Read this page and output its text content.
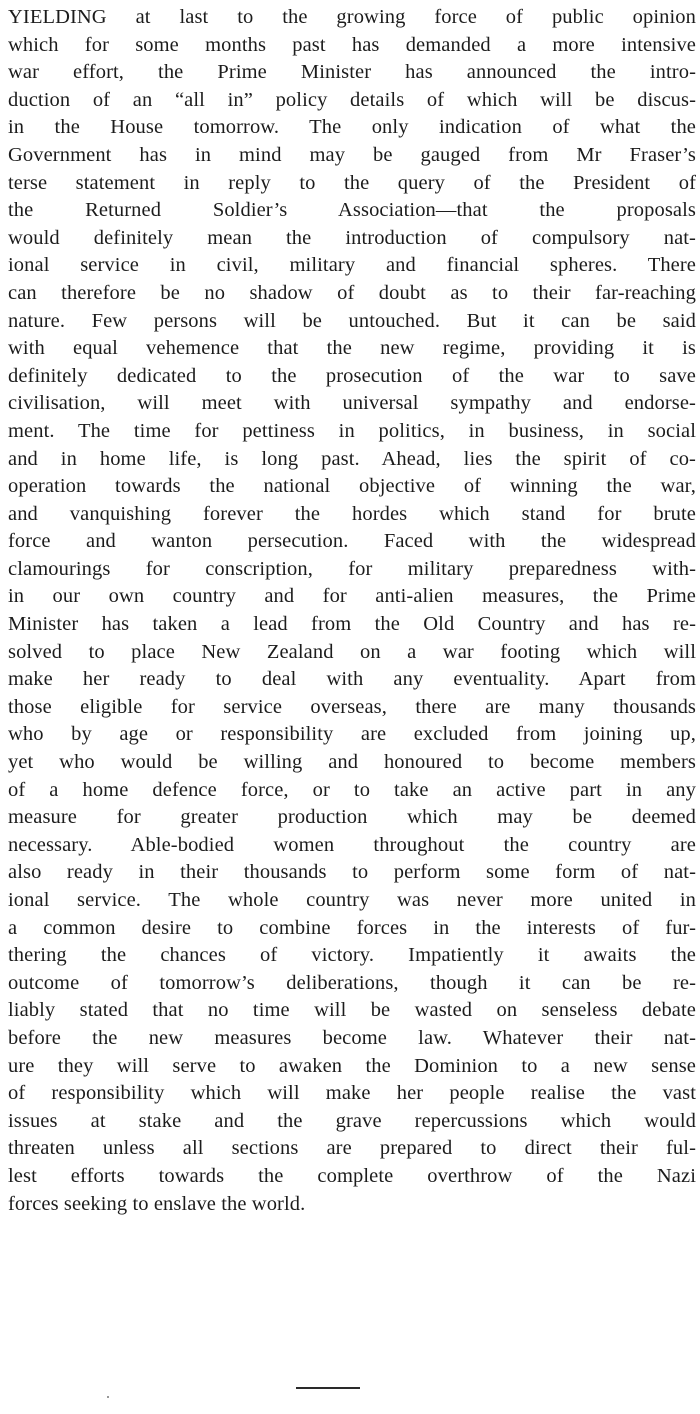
YIELDING at last to the growing force of public opinion
which for some months past has demanded a more intensive
war effort, the Prime Minister has announced the intro-
duction of an “all in” policy details of which will be discus-
in the House tomorrow. The only indication of what the
Government has in mind may be gauged from Mr Fraser’s
terse statement in reply to the query of the President of
the Returned Soldier’s Association—that the proposals
would definitely mean the introduction of compulsory nat-
ional service in civil, military and financial spheres. There
can therefore be no shadow of doubt as to their far-reaching
nature. Few persons will be untouched. But it can be said
with equal vehemence that the new regime, providing it is
definitely dedicated to the prosecution of the war to save
civilisation, will meet with universal sympathy and endorse-
ment. The time for pettiness in politics, in business, in social
and in home life, is long past. Ahead, lies the spirit of co-
operation towards the national objective of winning the war,
and vanquishing forever the hordes which stand for brute
force and wanton persecution. Faced with the widespread
clamourings for conscription, for military preparedness with-
in our own country and for anti-alien measures, the Prime
Minister has taken a lead from the Old Country and has re-
solved to place New Zealand on a war footing which will
make her ready to deal with any eventuality. Apart from
those eligible for service overseas, there are many thousands
who by age or responsibility are excluded from joining up,
yet who would be willing and honoured to become members
of a home defence force, or to take an active part in any
measure for greater production which may be deemed
necessary. Able-bodied women throughout the country are
also ready in their thousands to perform some form of nat-
ional service. The whole country was never more united in
a common desire to combine forces in the interests of fur-
thering the chances of victory. Impatiently it awaits the
outcome of tomorrow’s deliberations, though it can be re-
liably stated that no time will be wasted on senseless debate
before the new measures become law. Whatever their nat-
ure they will serve to awaken the Dominion to a new sense
of responsibility which will make her people realise the vast
issues at stake and the grave repercussions which would
threaten unless all sections are prepared to direct their ful-
lest efforts towards the complete overthrow of the Nazi
forces seeking to enslave the world.
